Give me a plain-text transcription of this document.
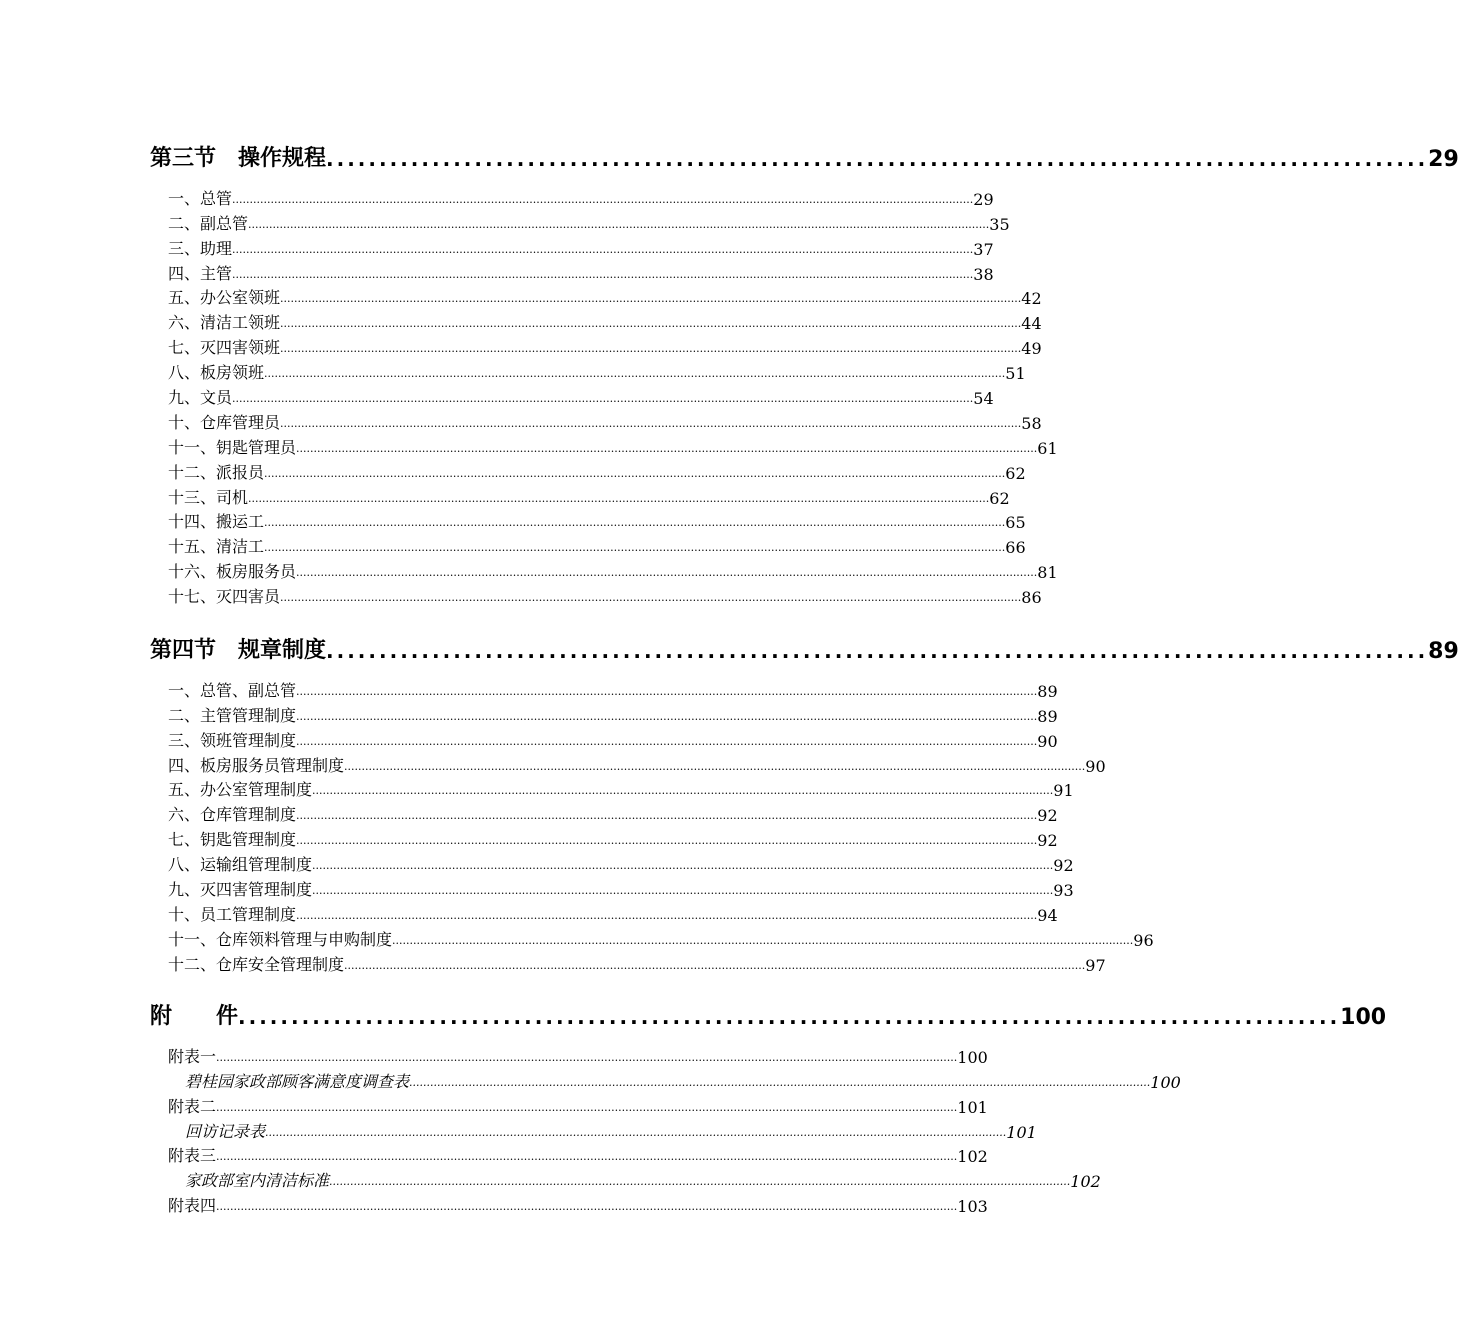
第三节　操作规程 ........................................................................................................ 29
一、总管 .................................................................................................................................................................................................................... 29
二、副总管 .................................................................................................................................................................................................................... 35
三、助理 .................................................................................................................................................................................................................... 37
四、主管 .................................................................................................................................................................................................................... 38
五、办公室领班 .................................................................................................................................................................................................................... 42
六、清洁工领班 .................................................................................................................................................................................................................... 44
七、灭四害领班 .................................................................................................................................................................................................................... 49
八、板房领班 .................................................................................................................................................................................................................... 51
九、文员 .................................................................................................................................................................................................................... 54
十、仓库管理员 .................................................................................................................................................................................................................... 58
十一、钥匙管理员 .................................................................................................................................................................................................................... 61
十二、派报员 .................................................................................................................................................................................................................... 62
十三、司机 .................................................................................................................................................................................................................... 62
十四、搬运工 .................................................................................................................................................................................................................... 65
十五、清洁工 .................................................................................................................................................................................................................... 66
十六、板房服务员 .................................................................................................................................................................................................................... 81
十七、灭四害员 .................................................................................................................................................................................................................... 86
第四节　规章制度 ........................................................................................................ 89
一、总管、副总管 .................................................................................................................................................................................................................... 89
二、主管管理制度 .................................................................................................................................................................................................................... 89
三、领班管理制度 .................................................................................................................................................................................................................... 90
四、板房服务员管理制度 .................................................................................................................................................................................................................... 90
五、办公室管理制度 .................................................................................................................................................................................................................... 91
六、仓库管理制度 .................................................................................................................................................................................................................... 92
七、钥匙管理制度 .................................................................................................................................................................................................................... 92
八、运输组管理制度 .................................................................................................................................................................................................................... 92
九、灭四害管理制度 .................................................................................................................................................................................................................... 93
十、员工管理制度 .................................................................................................................................................................................................................... 94
十一、仓库领料管理与申购制度 .................................................................................................................................................................................................................... 96
十二、仓库安全管理制度 .................................................................................................................................................................................................................... 97
附　　件 ........................................................................................................ 100
附表一 .................................................................................................................................................................................................................... 100
碧桂园家政部顾客满意度调查表 .................................................................................................................................................................................................................... 100
附表二 .................................................................................................................................................................................................................... 101
回访记录表 .................................................................................................................................................................................................................... 101
附表三 .................................................................................................................................................................................................................... 102
家政部室内清洁标准 .................................................................................................................................................................................................................... 102
附表四 .................................................................................................................................................................................................................... 103
